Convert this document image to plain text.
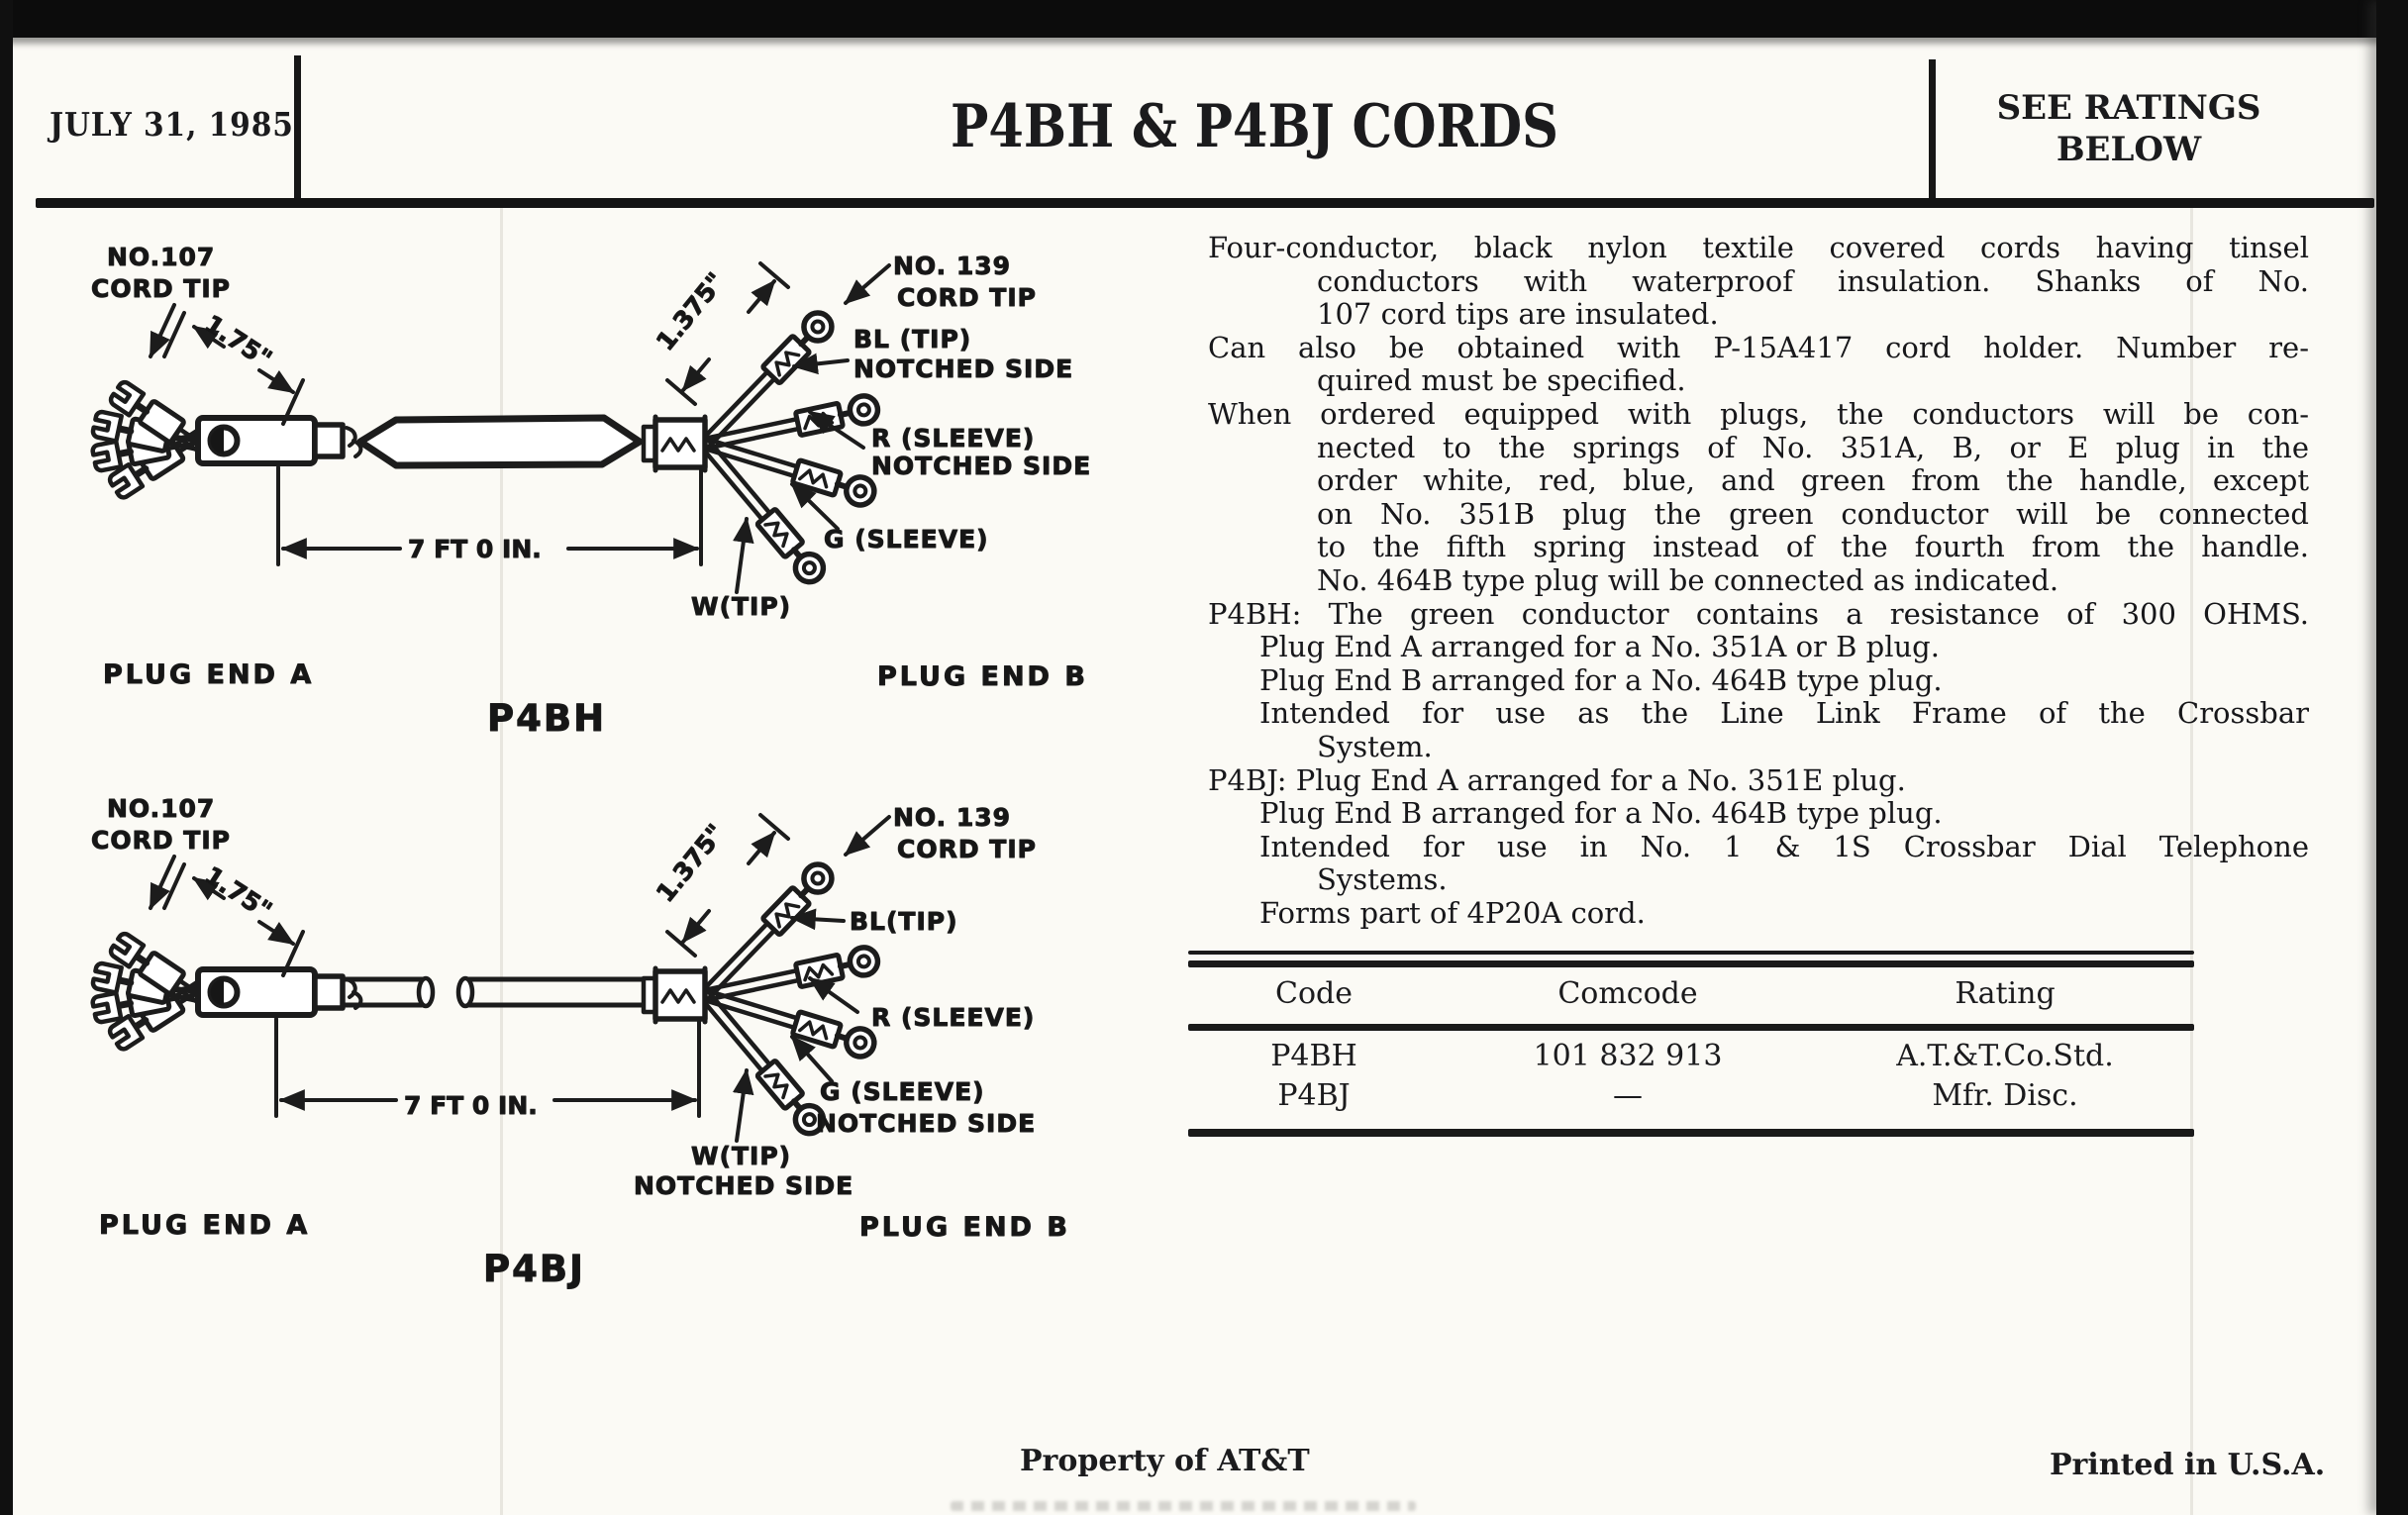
JULY 31, 1985	P4BH & P4BJ CORDS	SEE RATINGS
BELOW
Four-conductor, black nylon textile covered cords having tinsel
conductors with waterproof insulation. Shanks of No.
107 cord tips are insulated.
Can also be obtained with P-15A417 cord holder. Number re-
quired must be specified.
When ordered equipped with plugs, the conductors will be con-
nected to the springs of No. 351A, B, or E plug in the
order white, red, blue, and green from the handle, except
on No. 351B plug the green conductor will be connected
to the fifth spring instead of the fourth from the handle.
No. 464B type plug will be connected as indicated.
P4BH: The green conductor contains a resistance of 300 OHMS.
Plug End A arranged for a No. 351A or B plug.
Plug End B arranged for a No. 464B type plug.
Intended for use as the Line Link Frame of the Crossbar
System.
P4BJ: Plug End A arranged for a No. 351E plug.
Plug End B arranged for a No. 464B type plug.
Intended for use in No. 1 & 1S Crossbar Dial Telephone
Systems.
Forms part of 4P20A cord.
Code	Comcode	Rating
P4BH	101 832 913	A.T.&T.Co.Std.
P4BJ	—	Mfr. Disc.
NO.107
CORD TIP
1.75"
7 FT 0 IN.
NO. 139
CORD TIP
1.375"	BL (TIP)
NOTCHED SIDE
R (SLEEVE)
NOTCHED SIDE
G (SLEEVE)
W(TIP)
PLUG END A
P4BH
PLUG END B
NO.107
CORD TIP
1.75"
7 FT 0 IN.
NO. 139
CORD TIP
1.375"
BL(TIP)
R (SLEEVE)
G (SLEEVE)
NOTCHED SIDE
W(TIP)
NOTCHED SIDE
PLUG END A
P4BJ
PLUG END B
Property of AT&T	Printed in U.S.A.
